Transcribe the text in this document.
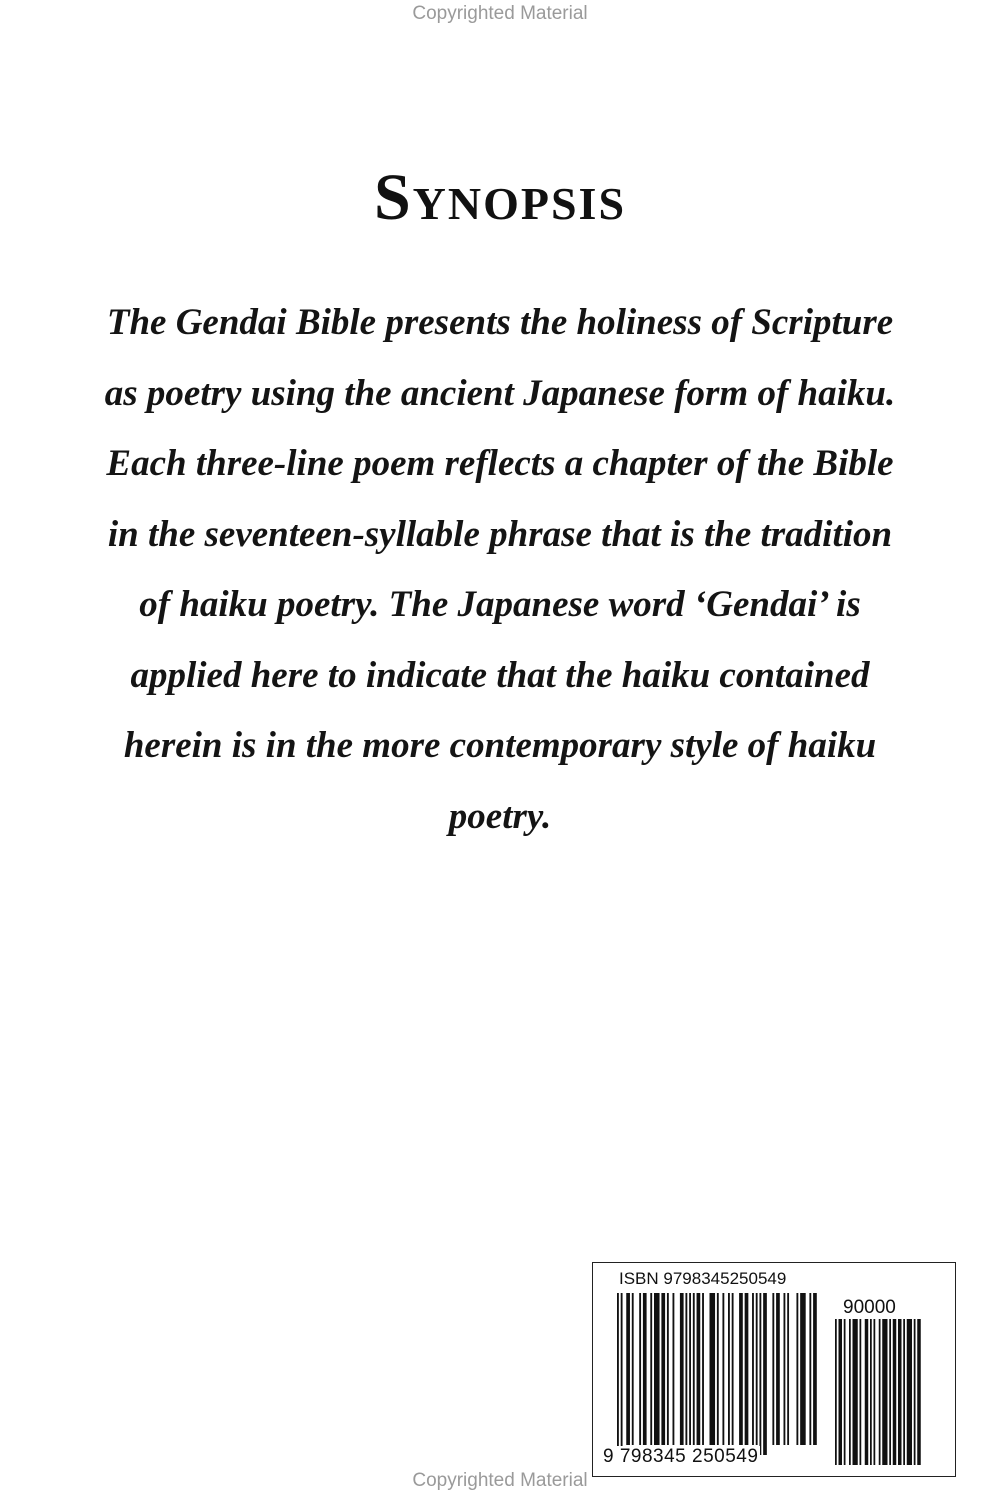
Copyrighted Material
Synopsis
The Gendai Bible presents the holiness of Scripture
as poetry using the ancient Japanese form of haiku.
Each three-line poem reflects a chapter of the Bible
in the seventeen-syllable phrase that is the tradition
of haiku poetry. The Japanese word ‘Gendai’ is
applied here to indicate that the haiku contained
herein is in the more contemporary style of haiku
poetry.
ISBN 9798345250549
90000
9 798345 250549
Copyrighted Material
